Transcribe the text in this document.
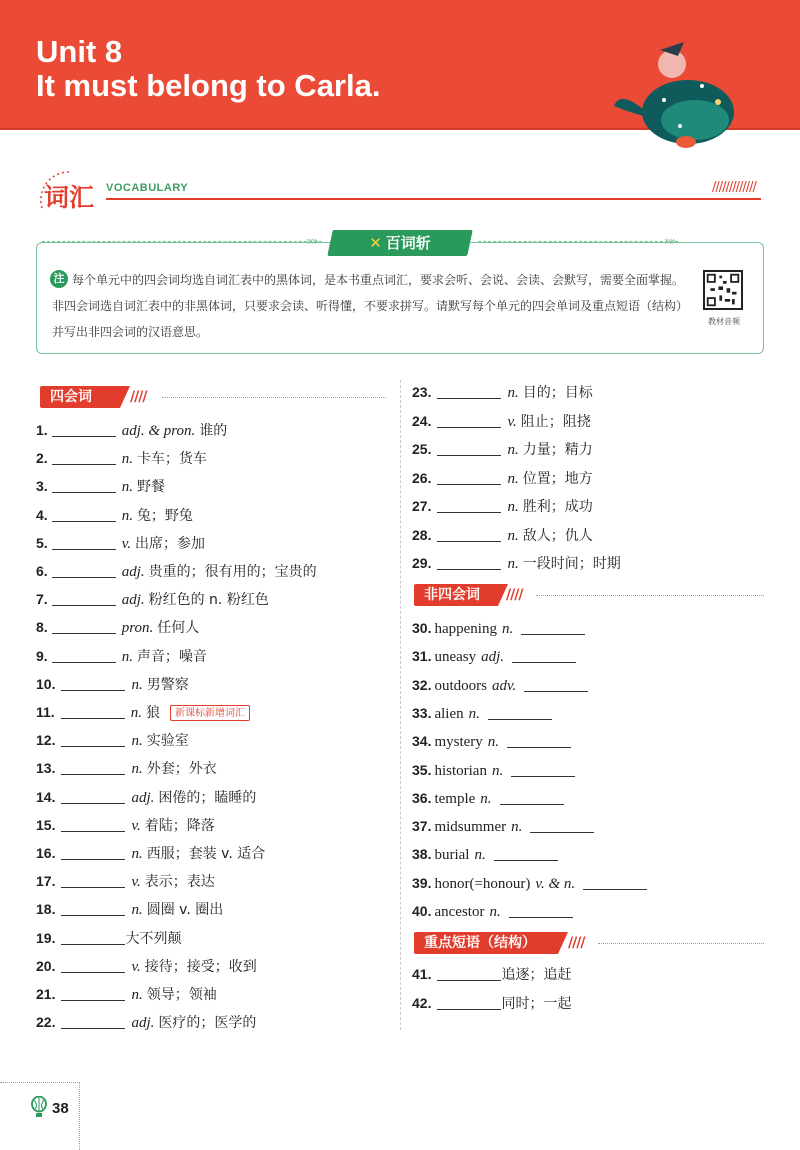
Unit 8
It must belong to Carla.
词汇 VOCABULARY	/////////////
»»	»»
✕ 百词斩
注 每个单元中的四会词均选自词汇表中的黑体词，是本书重点词汇，要求会听、会说、会读、会默写，需要全面掌握。非四会词选自词汇表中的非黑体词，只要求会读、听得懂，不要求拼写。请默写每个单元的四会单词及重点短语（结构）并写出非四会词的汉语意思。
教材音频
四会词	////
非四会词	////
重点短语（结构）	////
1.	adj. & pron. 谁的
2.	n. 卡车；货车
3.	n. 野餐
4.	n. 兔；野兔
5.	v. 出席；参加
6.	adj. 贵重的；很有用的；宝贵的
7.	adj. 粉红色的 n. 粉红色
8.	pron. 任何人
9.	n. 声音；噪音
10.	n. 男警察
11.	n. 狼 新课标新增词汇
12.	n. 实验室
13.	n. 外套；外衣
14.	adj. 困倦的；瞌睡的
15.	v. 着陆；降落
16.	n. 西服；套装 v. 适合
17.	v. 表示；表达
18.	n. 圆圈 v. 圈出
19.	大不列颠
20.	v. 接待；接受；收到
21.	n. 领导；领袖
22.	adj. 医疗的；医学的
23.	n. 目的；目标
24.	v. 阻止；阻挠
25.	n. 力量；精力
26.	n. 位置；地方
27.	n. 胜利；成功
28.	n. 敌人；仇人
29.	n. 一段时间；时期
30. happening n.
31. uneasy adj.
32. outdoors adv.
33. alien n.
34. mystery n.
35. historian n.
36. temple n.
37. midsummer n.
38. burial n.
39. honor(=honour) v. & n.
40. ancestor n.
41.	追逐；追赶
42.	同时；一起
38
